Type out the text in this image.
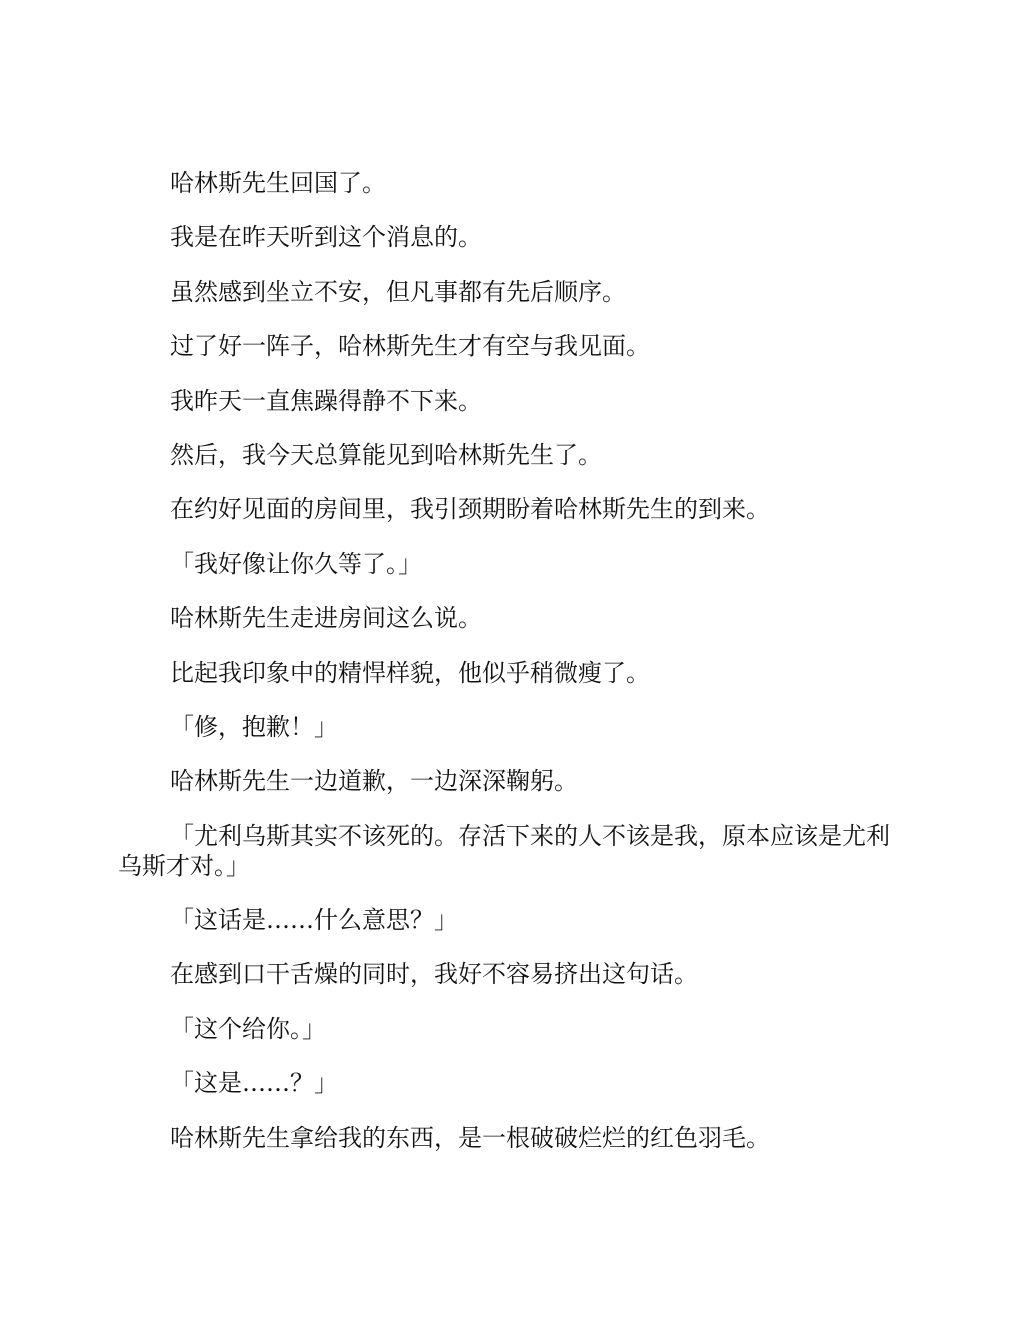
哈林斯先生回国了。

我是在昨天听到这个消息的。

虽然感到坐立不安，但凡事都有先后顺序。

过了好一阵子，哈林斯先生才有空与我见面。

我昨天一直焦躁得静不下来。

然后，我今天总算能见到哈林斯先生了。

在约好见面的房间里，我引颈期盼着哈林斯先生的到来。

「我好像让你久等了。」

哈林斯先生走进房间这么说。

比起我印象中的精悍样貌，他似乎稍微瘦了。

「修，抱歉！」

哈林斯先生一边道歉，一边深深鞠躬。

「尤利乌斯其实不该死的。存活下来的人不该是我，原本应该是尤利乌斯才对。」

「这话是……什么意思？」

在感到口干舌燥的同时，我好不容易挤出这句话。

「这个给你。」

「这是……？」

哈林斯先生拿给我的东西，是一根破破烂烂的红色羽毛。
